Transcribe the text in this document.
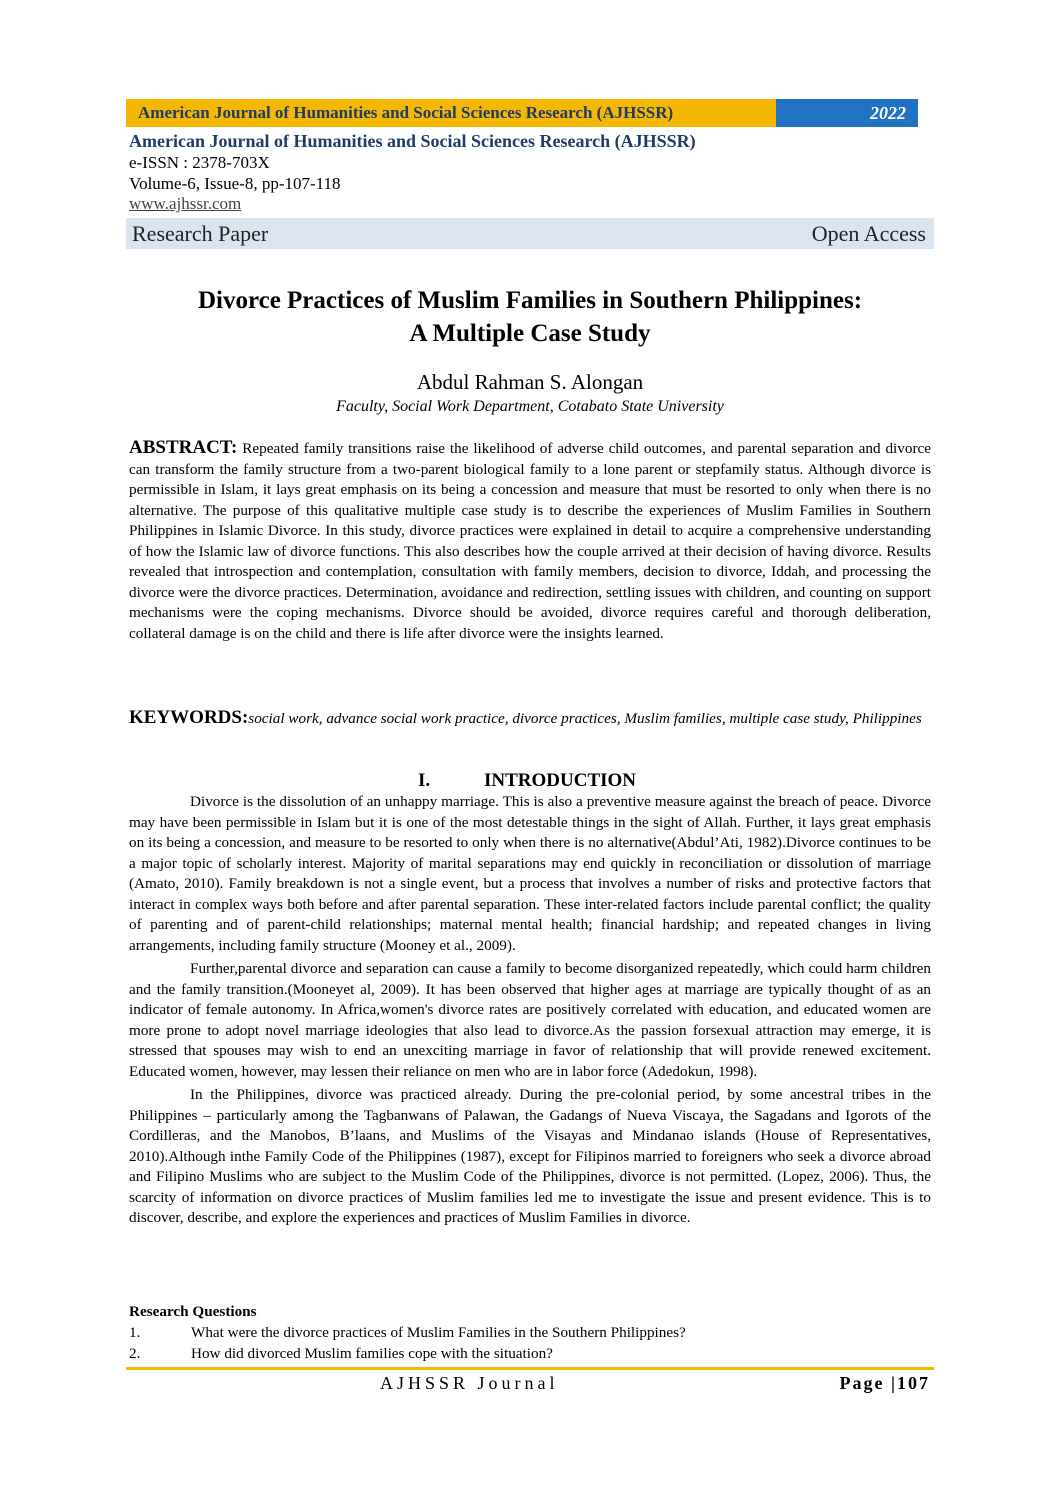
American Journal of Humanities and Social Sciences Research (AJHSSR)	2022
American Journal of Humanities and Social Sciences Research (AJHSSR)
e-ISSN : 2378-703X
Volume-6, Issue-8, pp-107-118
www.ajhssr.com
Research Paper	Open Access
Divorce Practices of Muslim Families in Southern Philippines:
A Multiple Case Study
Abdul Rahman S. Alongan
Faculty, Social Work Department, Cotabato State University
ABSTRACT: Repeated family transitions raise the likelihood of adverse child outcomes, and parental separation and divorce can transform the family structure from a two-parent biological family to a lone parent or stepfamily status. Although divorce is permissible in Islam, it lays great emphasis on its being a concession and measure that must be resorted to only when there is no alternative. The purpose of this qualitative multiple case study is to describe the experiences of Muslim Families in Southern Philippines in Islamic Divorce. In this study, divorce practices were explained in detail to acquire a comprehensive understanding of how the Islamic law of divorce functions. This also describes how the couple arrived at their decision of having divorce. Results revealed that introspection and contemplation, consultation with family members, decision to divorce, Iddah, and processing the divorce were the divorce practices. Determination, avoidance and redirection, settling issues with children, and counting on support mechanisms were the coping mechanisms. Divorce should be avoided, divorce requires careful and thorough deliberation, collateral damage is on the child and there is life after divorce were the insights learned.
KEYWORDS:social work, advance social work practice, divorce practices, Muslim families, multiple case study, Philippines
I.	INTRODUCTION

Divorce is the dissolution of an unhappy marriage. This is also a preventive measure against the breach of peace. Divorce may have been permissible in Islam but it is one of the most detestable things in the sight of Allah. Further, it lays great emphasis on its being a concession, and measure to be resorted to only when there is no alternative(Abdul’Ati, 1982).Divorce continues to be a major topic of scholarly interest. Majority of marital separations may end quickly in reconciliation or dissolution of marriage (Amato, 2010). Family breakdown is not a single event, but a process that involves a number of risks and protective factors that interact in complex ways both before and after parental separation. These inter-related factors include parental conflict; the quality of parenting and of parent-child relationships; maternal mental health; financial hardship; and repeated changes in living arrangements, including family structure (Mooney et al., 2009).

Further,parental divorce and separation can cause a family to become disorganized repeatedly, which could harm children and the family transition.(Mooneyet al, 2009). It has been observed that higher ages at marriage are typically thought of as an indicator of female autonomy. In Africa,women's divorce rates are positively correlated with education, and educated women are more prone to adopt novel marriage ideologies that also lead to divorce.As the passion forsexual attraction may emerge, it is stressed that spouses may wish to end an unexciting marriage in favor of relationship that will provide renewed excitement. Educated women, however, may lessen their reliance on men who are in labor force (Adedokun, 1998).

In the Philippines, divorce was practiced already. During the pre-colonial period, by some ancestral tribes in the Philippines – particularly among the Tagbanwans of Palawan, the Gadangs of Nueva Viscaya, the Sagadans and Igorots of the Cordilleras, and the Manobos, B’laans, and Muslims of the Visayas and Mindanao islands (House of Representatives, 2010).Although inthe Family Code of the Philippines (1987), except for Filipinos married to foreigners who seek a divorce abroad and Filipino Muslims who are subject to the Muslim Code of the Philippines, divorce is not permitted. (Lopez, 2006). Thus, the scarcity of information on divorce practices of Muslim families led me to investigate the issue and present evidence. This is to discover, describe, and explore the experiences and practices of Muslim Families in divorce.

Research Questions
1.	What were the divorce practices of Muslim Families in the Southern Philippines?
2.	How did divorced Muslim families cope with the situation?
AJHSSR Journal	Page |107
